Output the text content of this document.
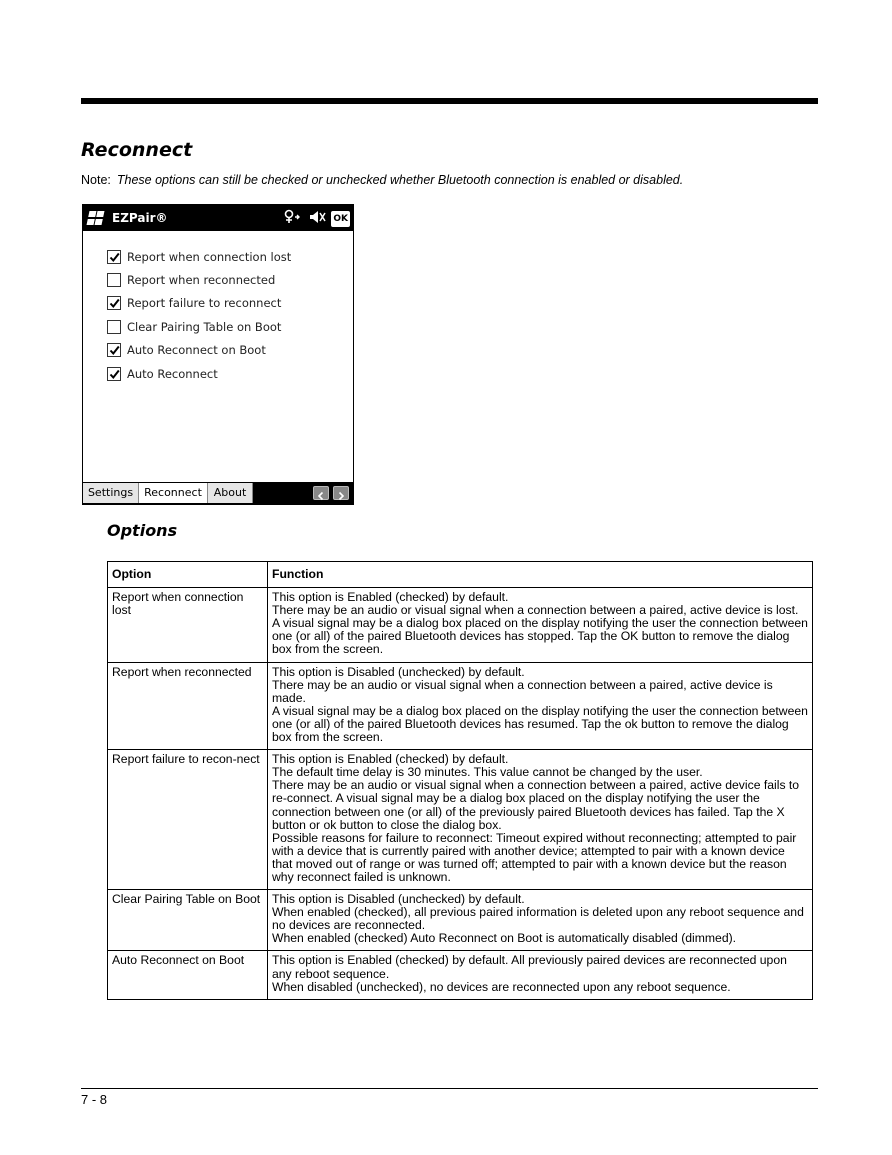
Reconnect
Note: These options can still be checked or unchecked whether Bluetooth connection is enabled or disabled.
EZPair®	OK
Report when connection lost
Report when reconnected
Report failure to reconnect
Clear Pairing Table on Boot
Auto Reconnect on Boot
Auto Reconnect
Settings	Reconnect	About
Options
Option	Function
Report when connection lost	This option is Enabled (checked) by default.

There may be an audio or visual signal when a connection between a paired, active device is lost.

A visual signal may be a dialog box placed on the display notifying the user the connection between one (or all) of the paired Bluetooth devices has stopped. Tap the OK button to remove the dialog box from the screen.

Report when reconnected	This option is Disabled (unchecked) by default.

There may be an audio or visual signal when a connection between a paired, active device is made.

A visual signal may be a dialog box placed on the display notifying the user the connection between one (or all) of the paired Bluetooth devices has resumed. Tap the ok button to remove the dialog box from the screen.

Report failure to recon-nect	This option is Enabled (checked) by default.

The default time delay is 30 minutes. This value cannot be changed by the user.

There may be an audio or visual signal when a connection between a paired, active device fails to re-connect. A visual signal may be a dialog box placed on the display notifying the user the connection between one (or all) of the previously paired Bluetooth devices has failed. Tap the X button or ok button to close the dialog box.

Possible reasons for failure to reconnect: Timeout expired without reconnecting; attempted to pair with a device that is currently paired with another device; attempted to pair with a known device that moved out of range or was turned off; attempted to pair with a known device but the reason why reconnect failed is unknown.

Clear Pairing Table on Boot	This option is Disabled (unchecked) by default.

When enabled (checked), all previous paired information is deleted upon any reboot sequence and no devices are reconnected.

When enabled (checked) Auto Reconnect on Boot is automatically disabled (dimmed).

Auto Reconnect on Boot	This option is Enabled (checked) by default. All previously paired devices are reconnected upon any reboot sequence.

When disabled (unchecked), no devices are reconnected upon any reboot sequence.

7 - 8
